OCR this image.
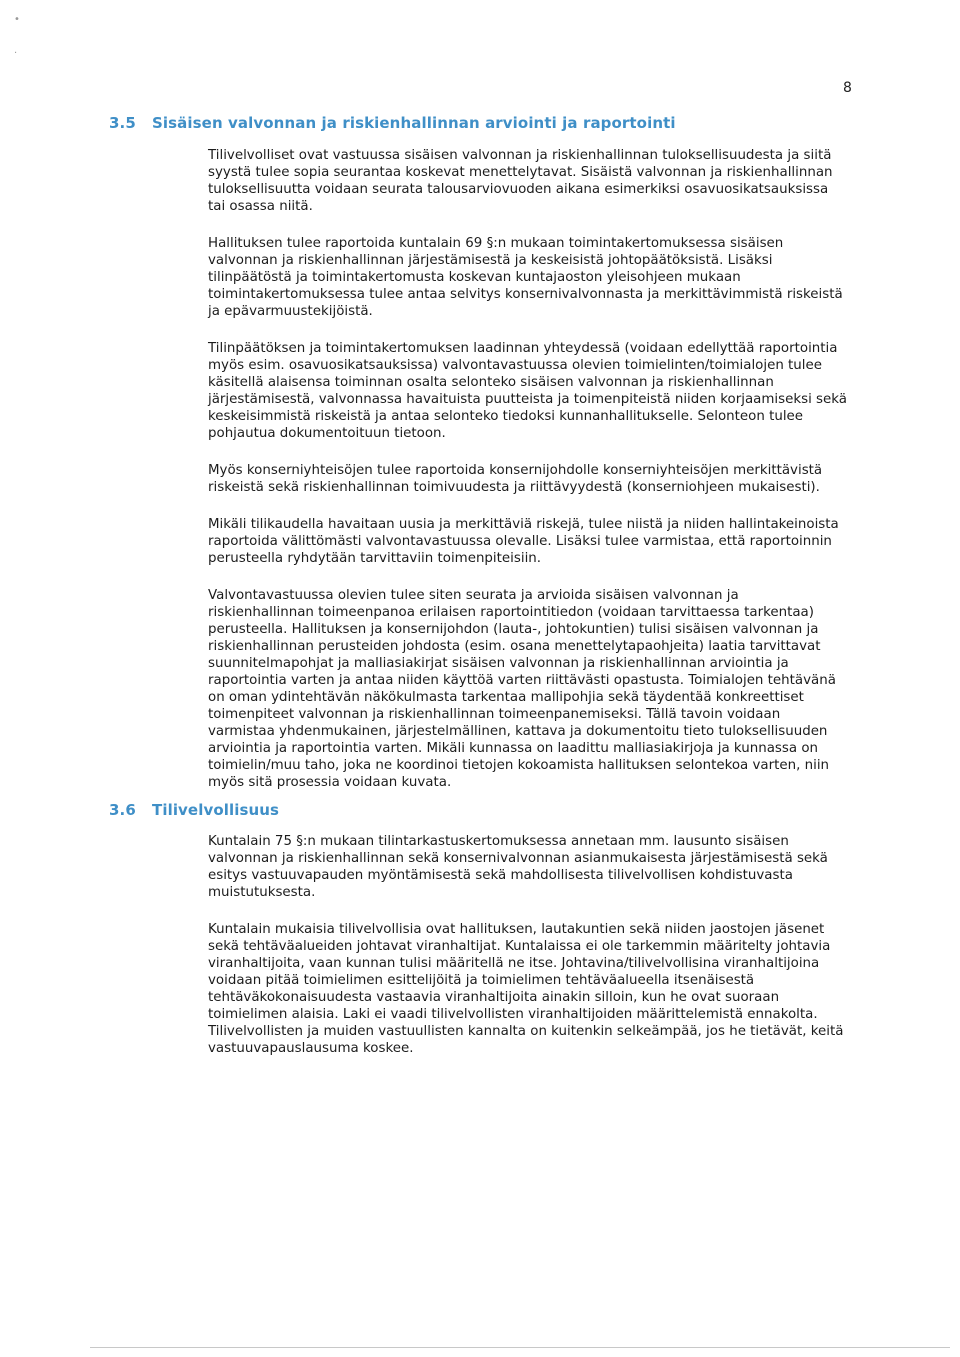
•
·
8
3.5 Sisäisen valvonnan ja riskienhallinnan arviointi ja raportointi

Tilivelvolliset ovat vastuussa sisäisen valvonnan ja riskienhallinnan tuloksellisuudesta ja siitä syystä tulee sopia seurantaa koskevat menettelytavat. Sisäistä valvonnan ja riskienhallinnan tuloksellisuutta voidaan seurata talousarviovuoden aikana esimerkiksi osavuosikatsauksissa tai osassa niitä.

Hallituksen tulee raportoida kuntalain 69 §:n mukaan toimintakertomuksessa sisäisen valvonnan ja riskienhallinnan järjestämisestä ja keskeisistä johtopäätöksistä. Lisäksi tilinpäätöstä ja toimintakertomusta koskevan kuntajaoston yleisohjeen mukaan toimintakertomuksessa tulee antaa selvitys konsernivalvonnasta ja merkittävimmistä riskeistä ja epävarmuustekijöistä.

Tilinpäätöksen ja toimintakertomuksen laadinnan yhteydessä (voidaan edellyttää raportointia myös esim. osavuosikatsauksissa) valvontavastuussa olevien toimielinten/toimialojen tulee käsitellä alaisensa toiminnan osalta selonteko sisäisen valvonnan ja riskienhallinnan järjestämisestä, valvonnassa havaituista puutteista ja toimenpiteistä niiden korjaamiseksi sekä keskeisimmistä riskeistä ja antaa selonteko tiedoksi kunnanhallitukselle. Selonteon tulee pohjautua dokumentoituun tietoon.

Myös konserniyhteisöjen tulee raportoida konsernijohdolle konserniyhteisöjen merkittävistä riskeistä sekä riskienhallinnan toimivuudesta ja riittävyydestä (konserniohjeen mukaisesti).

Mikäli tilikaudella havaitaan uusia ja merkittäviä riskejä, tulee niistä ja niiden hallintakeinoista raportoida välittömästi valvontavastuussa olevalle. Lisäksi tulee varmistaa, että raportoinnin perusteella ryhdytään tarvittaviin toimenpiteisiin.

Valvontavastuussa olevien tulee siten seurata ja arvioida sisäisen valvonnan ja riskienhallinnan toimeenpanoa erilaisen raportointitiedon (voidaan tarvittaessa tarkentaa) perusteella. Hallituksen ja konsernijohdon (lauta-, johtokuntien) tulisi sisäisen valvonnan ja riskienhallinnan perusteiden johdosta (esim. osana menettelytapaohjeita) laatia tarvittavat suunnitelmapohjat ja malliasiakirjat sisäisen valvonnan ja riskienhallinnan arviointia ja raportointia varten ja antaa niiden käyttöä varten riittävästi opastusta. Toimialojen tehtävänä on oman ydintehtävän näkökulmasta tarkentaa mallipohjia sekä täydentää konkreettiset toimenpiteet valvonnan ja riskienhallinnan toimeenpanemiseksi. Tällä tavoin voidaan varmistaa yhdenmukainen, järjestelmällinen, kattava ja dokumentoitu tieto tuloksellisuuden arviointia ja raportointia varten. Mikäli kunnassa on laadittu malliasiakirjoja ja kunnassa on toimielin/muu taho, joka ne koordinoi tietojen kokoamista hallituksen selontekoa varten, niin myös sitä prosessia voidaan kuvata.

3.6 Tilivelvollisuus

Kuntalain 75 §:n mukaan tilintarkastuskertomuksessa annetaan mm. lausunto sisäisen valvonnan ja riskienhallinnan sekä konsernivalvonnan asianmukaisesta järjestämisestä sekä esitys vastuuvapauden myöntämisestä sekä mahdollisesta tilivelvollisen kohdistuvasta muistutuksesta.

Kuntalain mukaisia tilivelvollisia ovat hallituksen, lautakuntien sekä niiden jaostojen jäsenet sekä tehtäväalueiden johtavat viranhaltijat. Kuntalaissa ei ole tarkemmin määritelty johtavia viranhaltijoita, vaan kunnan tulisi määritellä ne itse. Johtavina/tilivelvollisina viranhaltijoina voidaan pitää toimielimen esittelijöitä ja toimielimen tehtäväalueella itsenäisestä tehtäväkokonaisuudesta vastaavia viranhaltijoita ainakin silloin, kun he ovat suoraan toimielimen alaisia. Laki ei vaadi tilivelvollisten viranhaltijoiden määrittelemistä ennakolta. Tilivelvollisten ja muiden vastuullisten kannalta on kuitenkin selkeämpää, jos he tietävät, keitä vastuuvapauslausuma koskee.
